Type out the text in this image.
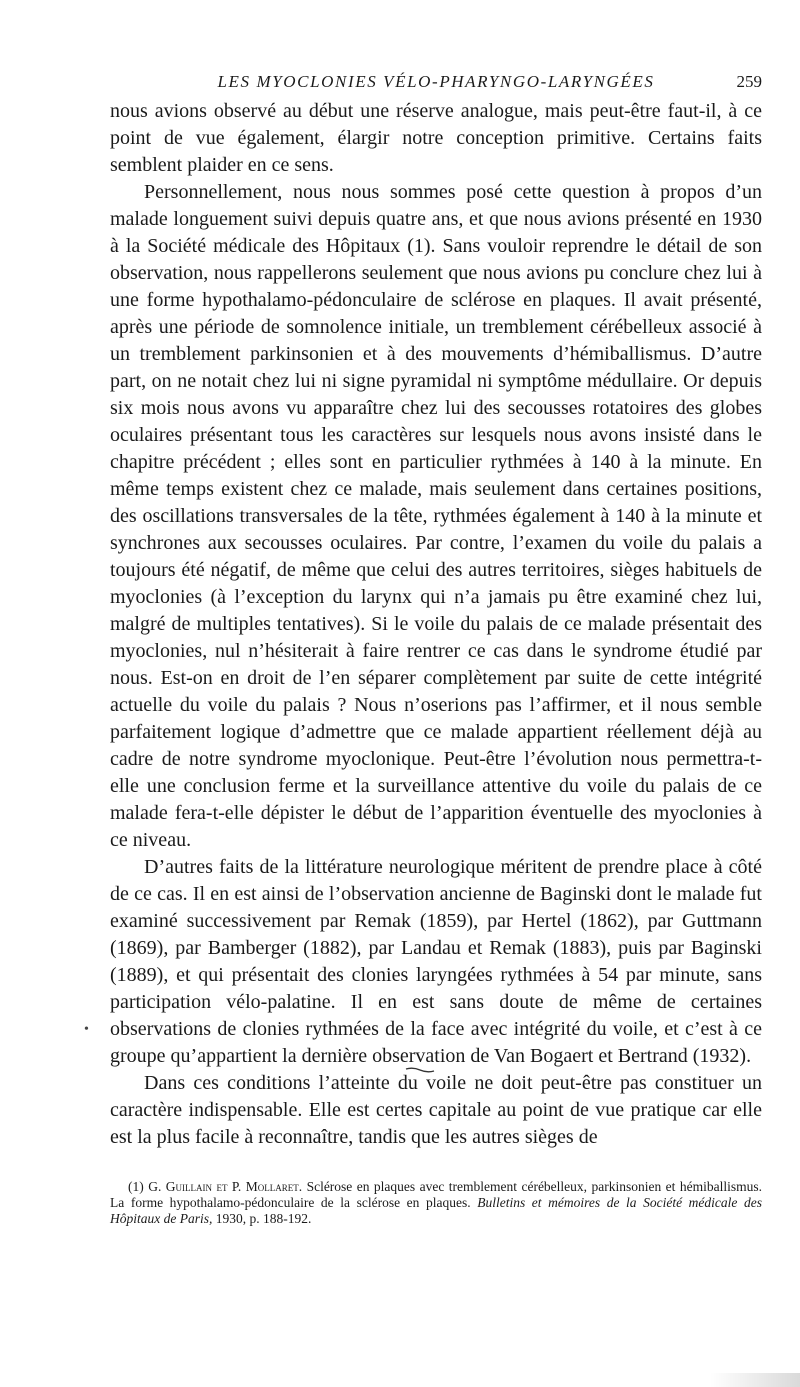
LES MYOCLONIES VÉLO-PHARYNGO-LARYNGÉES	259

nous avions observé au début une réserve analogue, mais peut-être faut-il, à ce point de vue également, élargir notre conception primitive. Certains faits semblent plaider en ce sens.

Personnellement, nous nous sommes posé cette question à propos d’un malade longuement suivi depuis quatre ans, et que nous avions présenté en 1930 à la Société médicale des Hôpitaux (1). Sans vouloir reprendre le détail de son observation, nous rappellerons seulement que nous avions pu conclure chez lui à une forme hypothalamo-pédonculaire de sclérose en plaques. Il avait présenté, après une période de somnolence initiale, un tremblement cérébelleux associé à un tremblement parkinsonien et à des mouvements d’hémiballismus. D’autre part, on ne notait chez lui ni signe pyramidal ni symptôme médullaire. Or depuis six mois nous avons vu apparaître chez lui des secousses rotatoires des globes oculaires présentant tous les caractères sur lesquels nous avons insisté dans le chapitre précédent ; elles sont en particulier rythmées à 140 à la minute. En même temps existent chez ce malade, mais seulement dans certaines positions, des oscillations transversales de la tête, rythmées également à 140 à la minute et synchrones aux secousses oculaires. Par contre, l’examen du voile du palais a toujours été négatif, de même que celui des autres territoires, sièges habituels de myoclonies (à l’exception du larynx qui n’a jamais pu être examiné chez lui, malgré de multiples tentatives). Si le voile du palais de ce malade présentait des myoclonies, nul n’hésiterait à faire rentrer ce cas dans le syndrome étudié par nous. Est-on en droit de l’en séparer complètement par suite de cette intégrité actuelle du voile du palais ? Nous n’oserions pas l’affirmer, et il nous semble parfaitement logique d’admettre que ce malade appartient réellement déjà au cadre de notre syndrome myoclonique. Peut-être l’évolution nous permettra-t-elle une conclusion ferme et la surveillance attentive du voile du palais de ce malade fera-t-elle dépister le début de l’apparition éventuelle des myoclonies à ce niveau.

D’autres faits de la littérature neurologique méritent de prendre place à côté de ce cas. Il en est ainsi de l’observation ancienne de Baginski dont le malade fut examiné successivement par Remak (1859), par Hertel (1862), par Guttmann (1869), par Bamberger (1882), par Landau et Remak (1883), puis par Baginski (1889), et qui présentait des clonies laryngées rythmées à 54 par minute, sans participation vélo-palatine. Il en est sans doute de même de certaines observations de clonies rythmées de la face avec intégrité du voile, et c’est à ce groupe qu’appartient la dernière observation de Van Bogaert et Bertrand (1932).

Dans ces conditions l’atteinte du voile ne doit peut-être pas constituer un caractère indispensable. Elle est certes capitale au point de vue pratique car elle est la plus facile à reconnaître, tandis que les autres sièges de

(1) G. Guillain et P. Mollaret. Sclérose en plaques avec tremblement cérébelleux, parkinsonien et hémiballismus. La forme hypothalamo-pédonculaire de la sclérose en plaques. Bulletins et mémoires de la Société médicale des Hôpitaux de Paris, 1930, p. 188-192.
•
